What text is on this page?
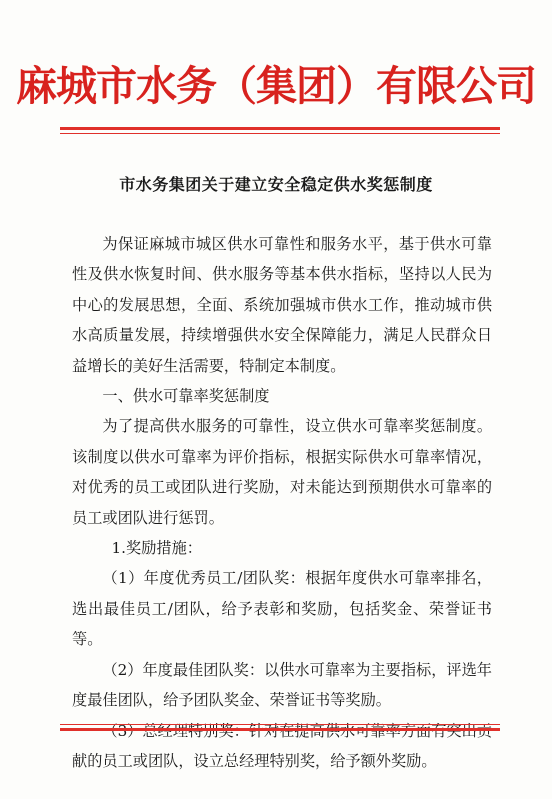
麻城市水务（集团）有限公司
市水务集团关于建立安全稳定供水奖惩制度

为保证麻城市城区供水可靠性和服务水平，基于供水可靠性及供水恢复时间、供水服务等基本供水指标，坚持以人民为中心的发展思想，全面、系统加强城市供水工作，推动城市供水高质量发展，持续增强供水安全保障能力，满足人民群众日益增长的美好生活需要，特制定本制度。

一、供水可靠率奖惩制度

为了提高供水服务的可靠性，设立供水可靠率奖惩制度。该制度以供水可靠率为评价指标，根据实际供水可靠率情况，对优秀的员工或团队进行奖励，对未能达到预期供水可靠率的员工或团队进行惩罚。

1.奖励措施：

（1）年度优秀员工/团队奖：根据年度供水可靠率排名，选出最佳员工/团队，给予表彰和奖励，包括奖金、荣誉证书等。

（2）年度最佳团队奖：以供水可靠率为主要指标，评选年度最佳团队，给予团队奖金、荣誉证书等奖励。

献的员工或团队，设立总经理特别奖，给予额外奖励。
